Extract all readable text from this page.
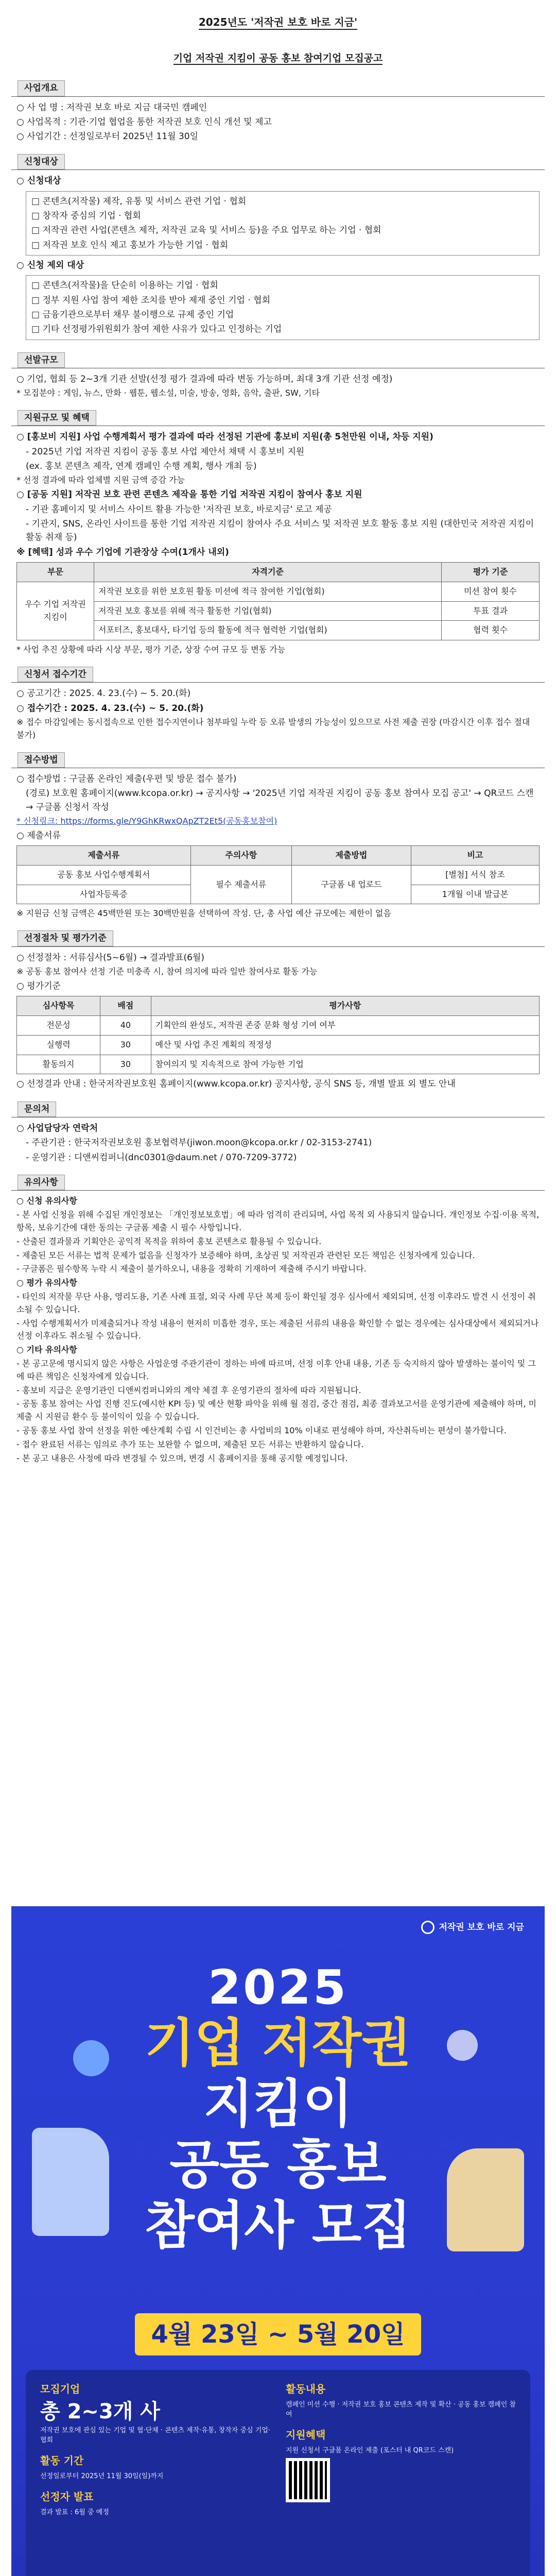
2025년도 '저작권 보호 바로 지금'
기업 저작권 지킴이 공동 홍보 참여기업 모집공고
사업개요
○ 사 업 명 : 저작권 보호 바로 지금 대국민 캠페인
○ 사업목적 : 기관·기업 협업을 통한 저작권 보호 인식 개선 및 제고
○ 사업기간 : 선정일로부터 2025년 11월 30일
신청대상
○ 신청대상
□ 콘텐츠(저작물) 제작, 유통 및 서비스 관련 기업 · 협회
□ 창작자 중심의 기업 · 협회
□ 저작권 관련 사업(콘텐츠 제작, 저작권 교육 및 서비스 등)을 주요 업무로 하는 기업 · 협회
□ 저작권 보호 인식 제고 홍보가 가능한 기업 · 협회
○ 신청 제외 대상
□ 콘텐츠(저작물)을 단순히 이용하는 기업 · 협회
□ 정부 지원 사업 참여 제한 조치를 받아 제재 중인 기업 · 협회
□ 금융기관으로부터 채무 불이행으로 규제 중인 기업
□ 기타 선정평가위원회가 참여 제한 사유가 있다고 인정하는 기업
선발규모
○ 기업, 협회 등 2~3개 기관 선발(선정 평가 결과에 따라 변동 가능하며, 최대 3개 기관 선정 예정)
* 모집분야 : 게임, 뉴스, 만화 · 웹툰, 웹소설, 미술, 방송, 영화, 음악, 출판, SW, 기타
지원규모 및 혜택
○ [홍보비 지원] 사업 수행계획서 평가 결과에 따라 선정된 기관에 홍보비 지원(총 5천만원 이내, 차등 지원)
- 2025년 기업 저작권 지킴이 공동 홍보 사업 제안서 채택 시 홍보비 지원
(ex. 홍보 콘텐츠 제작, 연계 캠페인 수행 계획, 행사 개최 등)
* 선정 결과에 따라 업체별 지원 금액 증감 가능
○ [공동 지원] 저작권 보호 관련 콘텐츠 제작을 통한 기업 저작권 지킴이 참여사 홍보 지원
- 기관 홈페이지 및 서비스 사이트 활용 가능한 '저작권 보호, 바로지금' 로고 제공
- 기관지, SNS, 온라인 사이트를 통한 기업 저작권 지킴이 참여사 주요 서비스 및 저작권 보호 활동 홍보 지원 (대한민국 저작권 지킴이 활동 취재 등)
※ [혜택] 성과 우수 기업에 기관장상 수여(1개사 내외)
부문	자격기준	평가 기준
우수 기업 저작권 지킴이	저작권 보호를 위한 보호원 활동 미션에 적극 참여한 기업(협회)	미션 참여 횟수
	저작권 보호 홍보를 위해 적극 활동한 기업(협회)	투표 결과
	서포터즈, 홍보대사, 타기업 등의 활동에 적극 협력한 기업(협회)	협력 횟수
* 사업 추진 상황에 따라 시상 부문, 평가 기준, 상장 수여 규모 등 변동 가능
신청서 접수기간
○ 공고기간 : 2025. 4. 23.(수) ~ 5. 20.(화)
○ 접수기간 : 2025. 4. 23.(수) ~ 5. 20.(화)
※ 접수 마감일에는 동시접속으로 인한 접수지연이나 첨부파일 누락 등 오류 발생의 가능성이 있으므로 사전 제출 권장 (마감시간 이후 접수 절대 불가)
접수방법
○ 접수방법 : 구글폼 온라인 제출(우편 및 방문 접수 불가)
(경로) 보호원 홈페이지(www.kcopa.or.kr) → 공지사항 → '2025년 기업 저작권 지킴이 공동 홍보 참여사 모집 공고' → QR코드 스캔 → 구글폼 신청서 작성
* 신청링크: https://forms.gle/Y9GhKRwxQApZT2Et5(공동홍보참여)
○ 제출서류
제출서류	주의사항	제출방법	비고
공동 홍보 사업수행계획서	필수 제출서류	구글폼 내 업로드	[별첨] 서식 참조
사업자등록증			1개월 이내 발급본
※ 지원금 신청 금액은 45백만원 또는 30백만원을 선택하여 작성. 단, 총 사업 예산 규모에는 제한이 없음
선정절차 및 평가기준
○ 선정절차 : 서류심사(5~6월) → 결과발표(6월)
※ 공동 홍보 참여사 선정 기준 미충족 시, 참여 의지에 따라 일반 참여사로 활동 가능
○ 평가기준
심사항목	배점	평가사항
전문성	40	기획안의 완성도, 저작권 존중 문화 형성 기여 여부
실행력	30	예산 및 사업 추진 계획의 적정성
활동의지	30	참여의지 및 지속적으로 참여 가능한 기업
○ 선정결과 안내 : 한국저작권보호원 홈페이지(www.kcopa.or.kr) 공지사항, 공식 SNS 등, 개별 발표 외 별도 안내
문의처
○ 사업담당자 연락처
- 주관기관 : 한국저작권보호원 홍보협력부(jiwon.moon@kcopa.or.kr / 02-3153-2741)
- 운영기관 : 디앤씨컴퍼니(dnc0301@daum.net / 070-7209-3772)
유의사항
○ 신청 유의사항
- 본 사업 신청을 위해 수집된 개인정보는 「개인정보보호법」에 따라 엄격히 관리되며, 사업 목적 외 사용되지 않습니다. 개인정보 수집·이용 목적, 항목, 보유기간에 대한 동의는 구글폼 제출 시 필수 사항입니다.
- 산출된 결과물과 기획안은 공익적 목적을 위하여 홍보 콘텐츠로 활용될 수 있습니다.
- 제출된 모든 서류는 법적 문제가 없음을 신청자가 보증해야 하며, 초상권 및 저작권과 관련된 모든 책임은 신청자에게 있습니다.
- 구글폼은 필수항목 누락 시 제출이 불가하오니, 내용을 정확히 기재하여 제출해 주시기 바랍니다.
○ 평가 유의사항
- 타인의 저작물 무단 사용, 영리도용, 기존 사례 표절, 외국 사례 무단 복제 등이 확인될 경우 심사에서 제외되며, 선정 이후라도 발견 시 선정이 취소될 수 있습니다.
- 사업 수행계획서가 미제출되거나 작성 내용이 현저히 미흡한 경우, 또는 제출된 서류의 내용을 확인할 수 없는 경우에는 심사대상에서 제외되거나 선정 이후라도 취소될 수 있습니다.
○ 기타 유의사항
- 본 공고문에 명시되지 않은 사항은 사업운영 주관기관이 정하는 바에 따르며, 선정 이후 안내 내용, 기존 등 숙지하지 않아 발생하는 불이익 및 그에 따른 책임은 신청자에게 있습니다.
- 홍보비 지급은 운영기관인 디앤씨컴퍼니와의 계약 체결 후 운영기관의 절차에 따라 지원됩니다.
- 공동 홍보 참여는 사업 진행 진도(예시한 KPI 등) 및 예산 현황 파악을 위해 월 점검, 중간 점검, 최종 결과보고서를 운영기관에 제출해야 하며, 미제출 시 지원금 환수 등 불이익이 있을 수 있습니다.
- 공동 홍보 사업 참여 선정을 위한 예산계획 수립 시 인건비는 총 사업비의 10% 이내로 편성해야 하며, 자산취득비는 편성이 불가합니다.
- 접수 완료된 서류는 임의로 추가 또는 보완할 수 없으며, 제출된 모든 서류는 반환하지 않습니다.
- 본 공고 내용은 사정에 따라 변경될 수 있으며, 변경 시 홈페이지를 통해 공지할 예정입니다.
저작권 보호 바로 지금
2025
기업 저작권
지킴이
공동 홍보
참여사 모집
4월 23일 ~ 5월 20일
모집기업
총 2~3개 사
저작권 보호에 관심 있는 기업 및 협·단체 · 콘텐츠 제작·유통, 창작자 중심 기업·협회
활동 기간
선정일로부터 2025년 11월 30일(일)까지
선정자 발표
결과 발표 : 6월 중 예정
활동내용
캠페인 미션 수행 · 저작권 보호 홍보 콘텐츠 제작 및 확산 · 공동 홍보 캠페인 참여
지원혜택
지원 신청서 구글폼 온라인 제출 (포스터 내 QR코드 스캔)
